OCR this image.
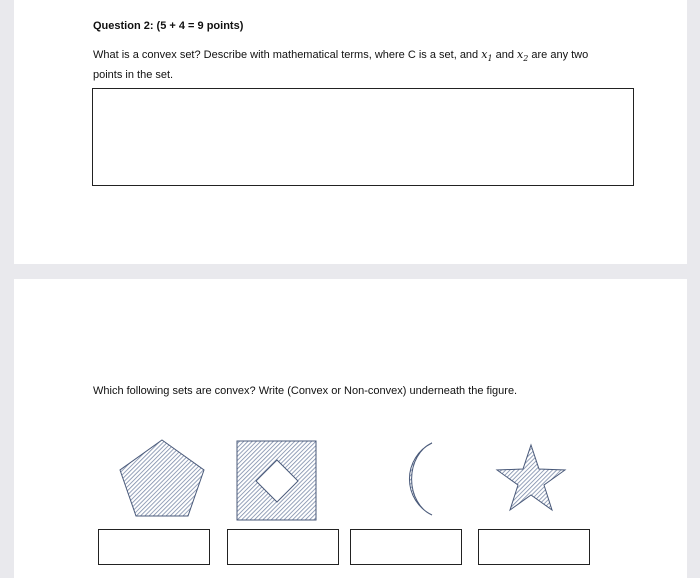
Question 2: (5 + 4 = 9 points)
What is a convex set? Describe with mathematical terms, where C is a set, and $x_1$ and $x_2$ are any two points in the set.
Which following sets are convex? Write (Convex or Non-convex) underneath the figure.
